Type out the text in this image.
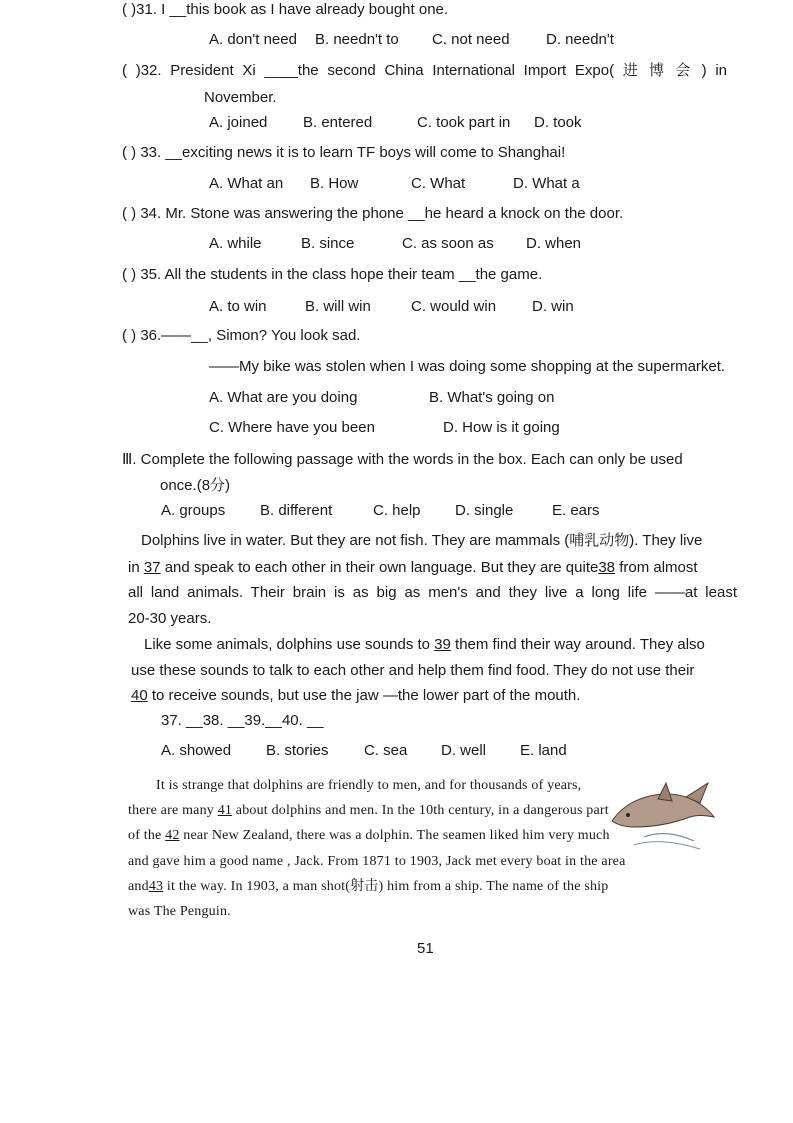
( )31. I __this book as I have already bought one.
A. don't need B. needn't to C. not need D. needn't
( )32. President Xi ____the second China International Import Expo( 进 博 会 ) in
November.
A. joined B. entered	C. took part in D. took
( ) 33. __exciting news it is to learn TF boys will come to Shanghai!
A. What an B. How	C. What	D. What a
( ) 34. Mr. Stone was answering the phone __he heard a knock on the door.
A. while	B. since	C. as soon as D. when
( ) 35. All the students in the class hope their team __the game.
A. to win	B. will win	C. would win D. win
( ) 36.——__, Simon? You look sad.
——My bike was stolen when I was doing some shopping at the supermarket.
A. What are you doing	B. What's going on
C. Where have you been	D. How is it going
Ⅲ. Complete the following passage with the words in the box. Each can only be used
once.(8分)
A. groups B. different	C. help D. single	E. ears
Dolphins live in water. But they are not fish. They are mammals (哺乳动物). They live
in 37 and speak to each other in their own language. But they are quite38 from almost
all land animals. Their brain is as big as men's and they live a long life ——at least
20-30 years.
Like some animals, dolphins use sounds to 39 them find their way around. They also
use these sounds to talk to each other and help them find food. They do not use their
40 to receive sounds, but use the jaw —the lower part of the mouth.
37. __38. __39.__40. __
A. showed B. stories C. sea D. well E. land
It is strange that dolphins are friendly to men, and for thousands of years,
there are many 41 about dolphins and men. In the 10th century, in a dangerous part
of the 42 near New Zealand, there was a dolphin. The seamen liked him very much
and gave him a good name , Jack. From 1871 to 1903, Jack met every boat in the area
and43 it the way. In 1903, a man shot(射击) him from a ship. The name of the ship
was The Penguin.
51
